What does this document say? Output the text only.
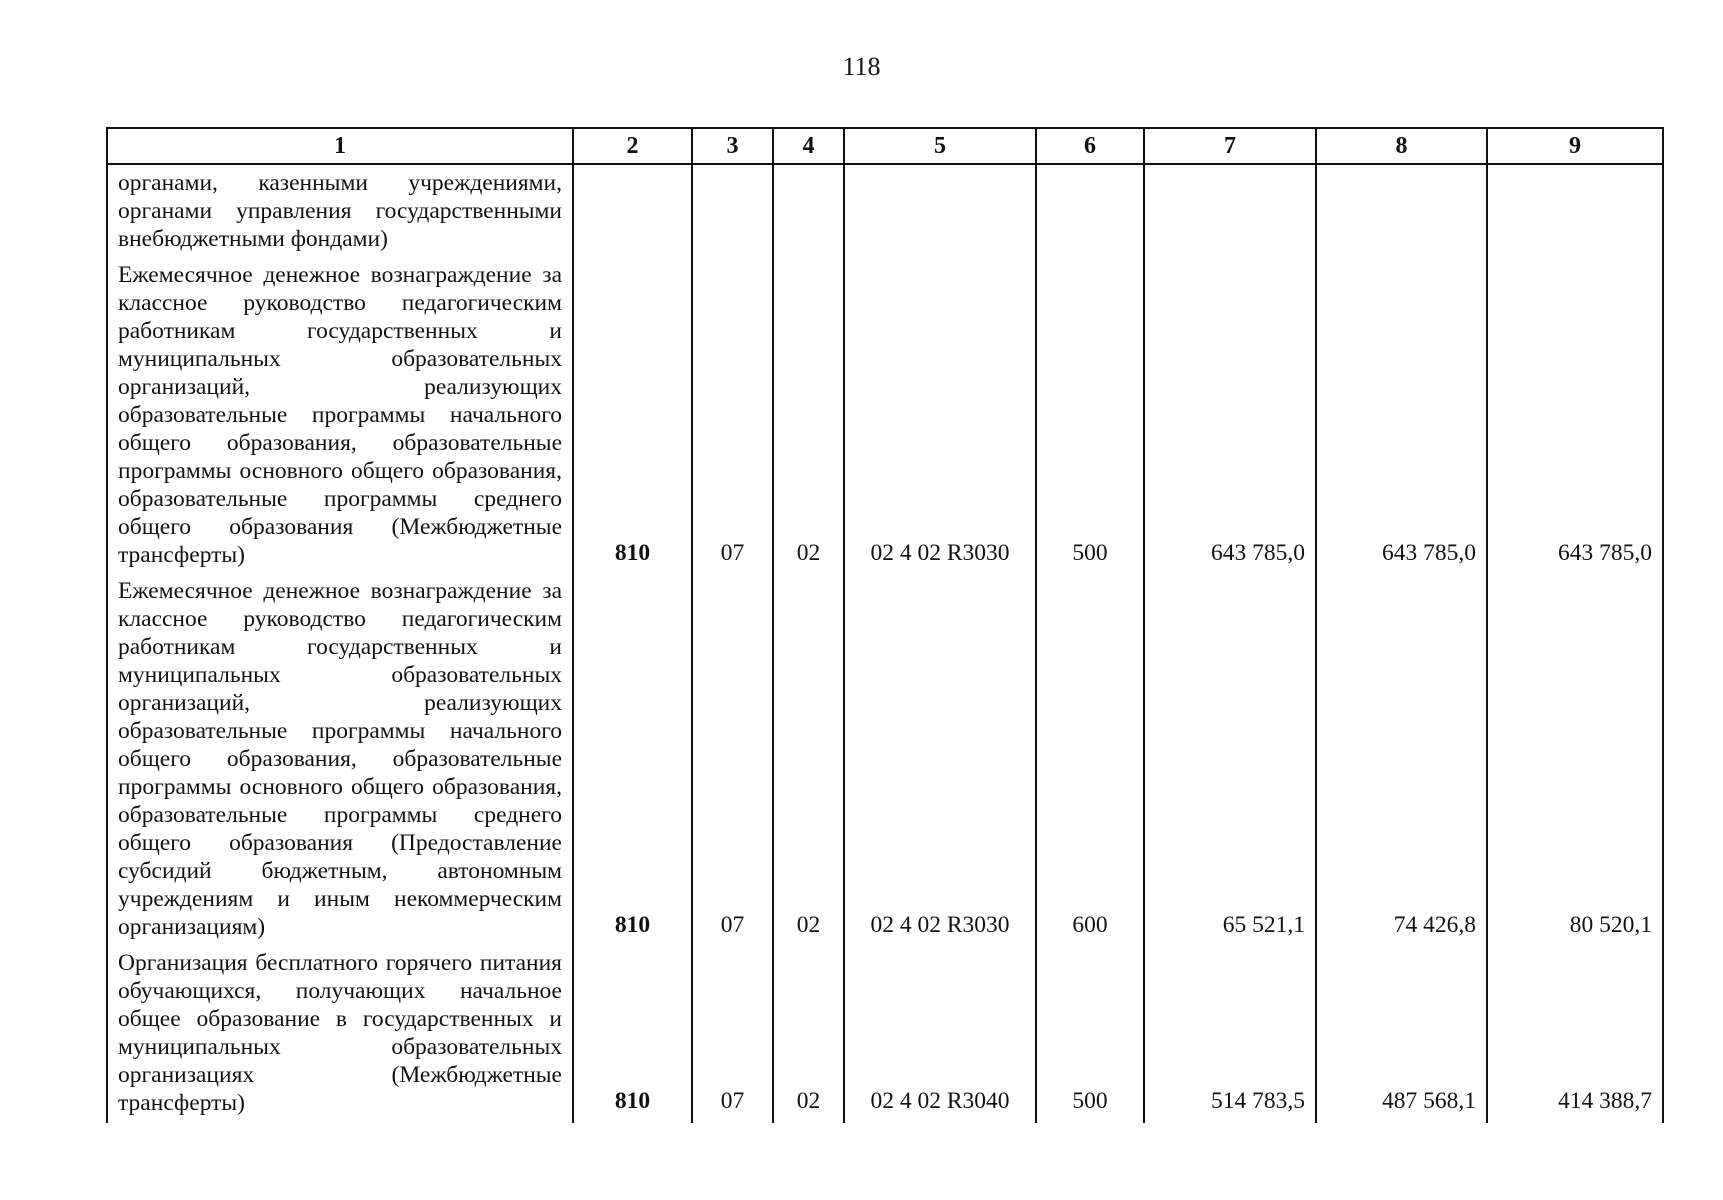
118
1	2	3	4	5	6	7	8	9
органами, казенными учреждениями, органами управления государственными внебюджетными фондами)								
Ежемесячное денежное вознаграждение за классное руководство педагогическим работникам государственных и муниципальных образовательных организаций, реализующих образовательные программы начального общего образования, образовательные программы основного общего образования, образовательные программы среднего общего образования (Межбюджетные трансферты)	810	07	02	02 4 02 R3030	500	643 785,0	643 785,0	643 785,0
Ежемесячное денежное вознаграждение за классное руководство педагогическим работникам государственных и муниципальных образовательных организаций, реализующих образовательные программы начального общего образования, образовательные программы основного общего образования, образовательные программы среднего общего образования (Предоставление субсидий бюджетным, автономным учреждениям и иным некоммерческим организациям)	810	07	02	02 4 02 R3030	600	65 521,1	74 426,8	80 520,1
Организация бесплатного горячего питания обучающихся, получающих начальное общее образование в государственных и муниципальных образовательных организациях (Межбюджетные трансферты)	810	07	02	02 4 02 R3040	500	514 783,5	487 568,1	414 388,7
